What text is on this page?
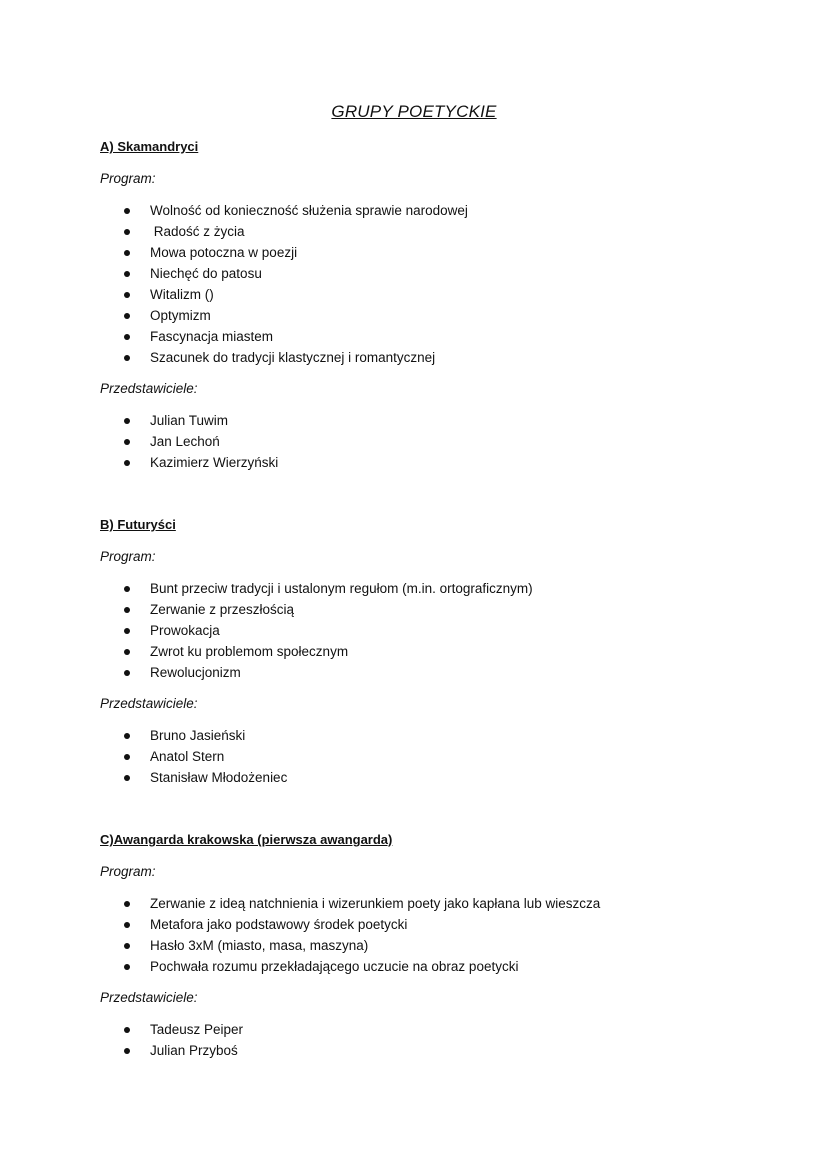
GRUPY POETYCKIE
A) Skamandryci
Program:
Wolność od konieczność służenia sprawie narodowej
Radość z życia
Mowa potoczna w poezji
Niechęć do patosu
Witalizm ()
Optymizm
Fascynacja miastem
Szacunek do tradycji klastycznej i romantycznej
Przedstawiciele:
Julian Tuwim
Jan Lechoń
Kazimierz Wierzyński
B) Futuryści
Program:
Bunt przeciw tradycji i ustalonym regułom (m.in. ortograficznym)
Zerwanie z przeszłością
Prowokacja
Zwrot ku problemom społecznym
Rewolucjonizm
Przedstawiciele:
Bruno Jasieński
Anatol Stern
Stanisław Młodożeniec
C)Awangarda krakowska (pierwsza awangarda)
Program:
Zerwanie z ideą natchnienia i wizerunkiem poety jako kapłana lub wieszcza
Metafora jako podstawowy środek poetycki
Hasło 3xM (miasto, masa, maszyna)
Pochwała rozumu przekładającego uczucie na obraz poetycki
Przedstawiciele:
Tadeusz Peiper
Julian Przyboś
